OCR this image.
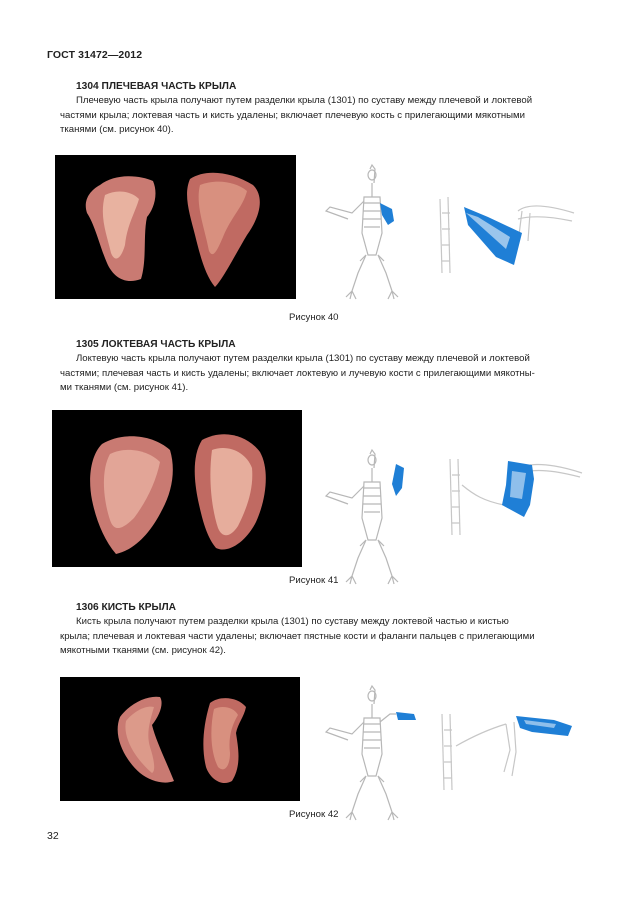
ГОСТ 31472—2012
1304 ПЛЕЧЕВАЯ ЧАСТЬ КРЫЛА
Плечевую часть крыла получают путем разделки крыла (1301) по суставу между плечевой и локтевой
частями крыла; локтевая часть и кисть удалены; включает плечевую кость с прилегающими мякотными
тканями (см. рисунок 40).
Рисунок 40
1305 ЛОКТЕВАЯ ЧАСТЬ КРЫЛА
Локтевую часть крыла получают путем разделки крыла (1301) по суставу между плечевой и локтевой
частями; плечевая часть и кисть удалены; включает локтевую и лучевую кости с прилегающими мякотны-
ми тканями (см. рисунок 41).
Рисунок 41
1306 КИСТЬ КРЫЛА
Кисть крыла получают путем разделки крыла (1301) по суставу между локтевой частью и кистью
крыла; плечевая и локтевая части удалены; включает пястные кости и фаланги пальцев с прилегающими
мякотными тканями (см. рисунок 42).
Рисунок 42
32
